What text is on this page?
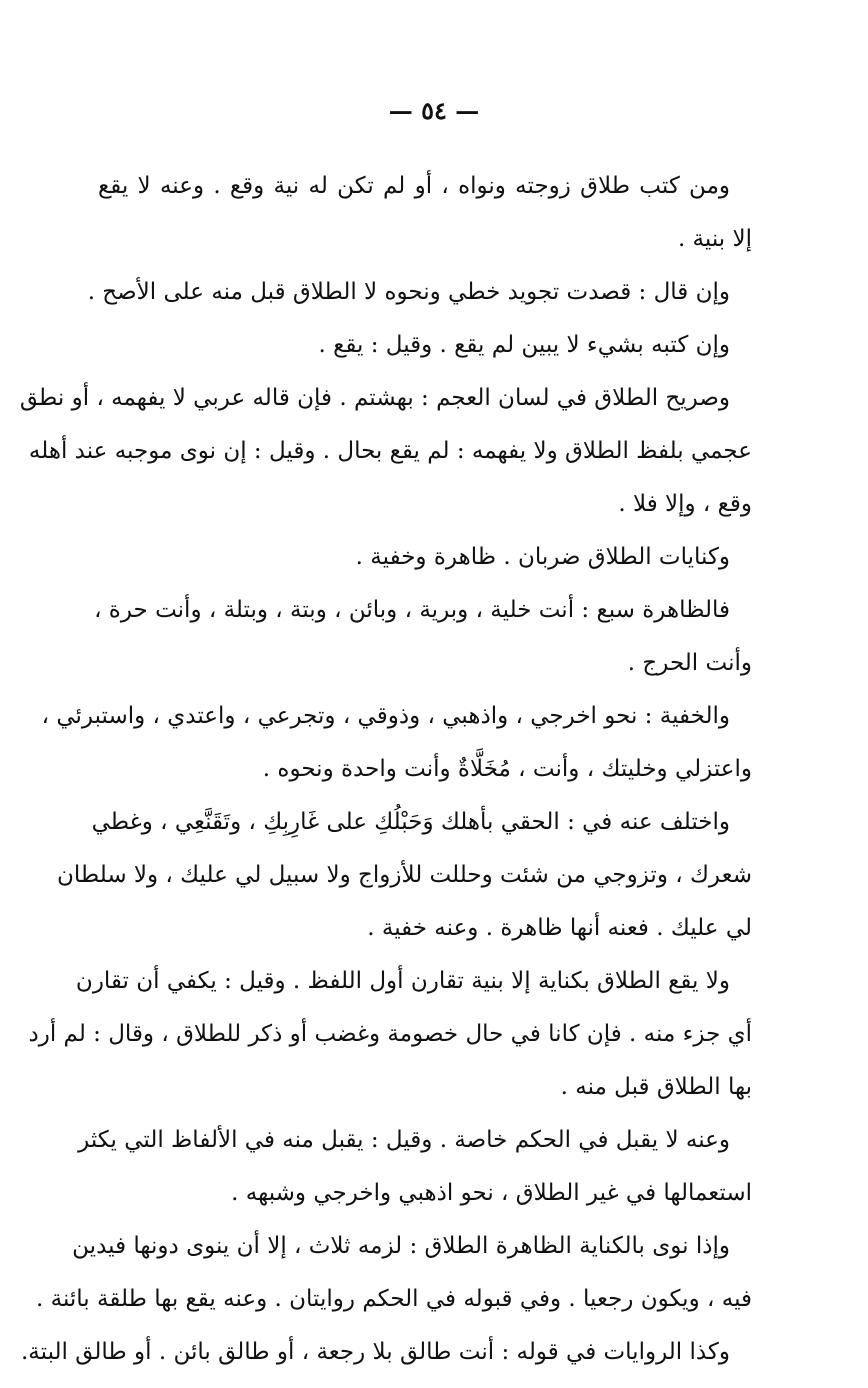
— ٥٤ —
ومن كتب طلاق زوجته ونواه ، أو لم تكن له نية وقع . وعنه لا يقع
إلا بنية .
وإن قال : قصدت تجويد خطي ونحوه لا الطلاق قبل منه على الأصح .
وإن كتبه بشيء لا يبين لم يقع . وقيل : يقع .
وصريح الطلاق في لسان العجم : بهشتم . فإن قاله عربي لا يفهمه ، أو نطق
عجمي بلفظ الطلاق ولا يفهمه : لم يقع بحال . وقيل : إن نوى موجبه عند أهله
وقع ، وإلا فلا .
وكنايات الطلاق ضربان . ظاهرة وخفية .
فالظاهرة سبع : أنت خلية ، وبرية ، وبائن ، وبتة ، وبتلة ، وأنت حرة ،
وأنت الحرج .
والخفية : نحو اخرجي ، واذهبي ، وذوقي ، وتجرعي ، واعتدي ، واستبرئي ،
واعتزلي وخليتك ، وأنت ، مُخَلَّاةٌ وأنت واحدة ونحوه .
واختلف عنه في : الحقي بأهلك وَحَبْلُكِ على غَارِبِكِ ، وتَقَنَّعِي ، وغطي
شعرك ، وتزوجي من شئت وحللت للأزواج ولا سبيل لي عليك ، ولا سلطان
لي عليك . فعنه أنها ظاهرة . وعنه خفية .
ولا يقع الطلاق بكناية إلا بنية تقارن أول اللفظ . وقيل : يكفي أن تقارن
أي جزء منه . فإن كانا في حال خصومة وغضب أو ذكر للطلاق ، وقال : لم أرد
بها الطلاق قبل منه .
وعنه لا يقبل في الحكم خاصة . وقيل : يقبل منه في الألفاظ التي يكثر
استعمالها في غير الطلاق ، نحو اذهبي واخرجي وشبهه .
وإذا نوى بالكناية الظاهرة الطلاق : لزمه ثلاث ، إلا أن ينوى دونها فيدين
فيه ، ويكون رجعيا . وفي قبوله في الحكم روايتان . وعنه يقع بها طلقة بائنة .
وكذا الروايات في قوله : أنت طالق بلا رجعة ، أو طالق بائن . أو طالق البتة.
